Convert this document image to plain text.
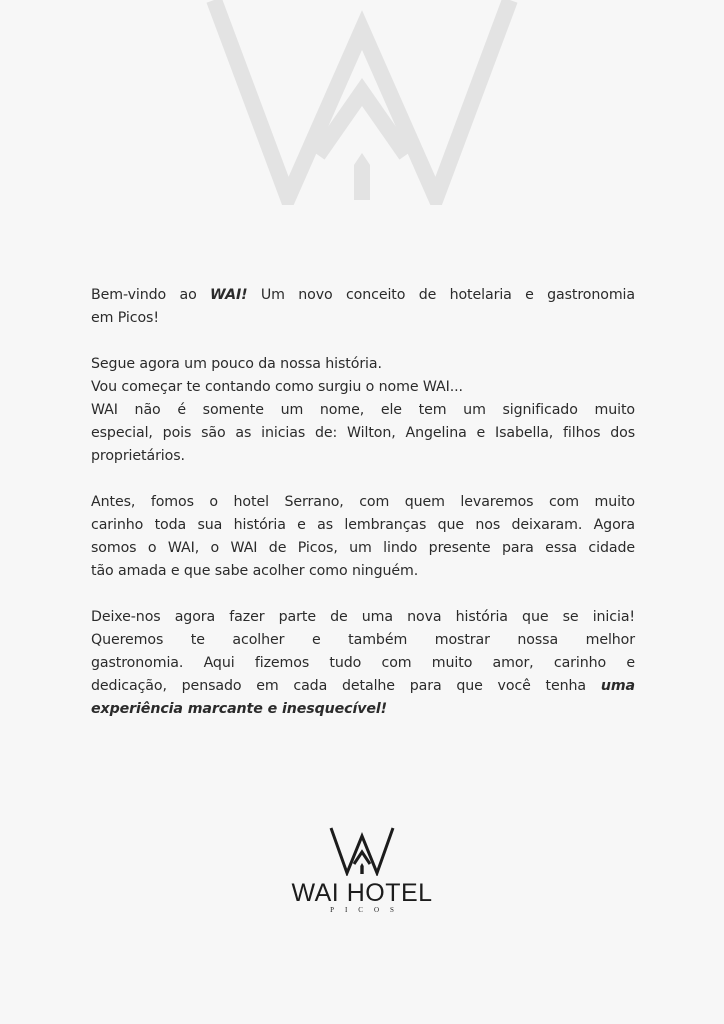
Bem-vindo ao WAI! Um novo conceito de hotelaria e gastronomia
em Picos!

Segue agora um pouco da nossa história.
Vou começar te contando como surgiu o nome WAI...
WAI não é somente um nome, ele tem um significado muito
especial, pois são as inicias de: Wilton, Angelina e Isabella, filhos dos
proprietários.

Antes, fomos o hotel Serrano, com quem levaremos com muito
carinho toda sua história e as lembranças que nos deixaram. Agora
somos o WAI, o WAI de Picos, um lindo presente para essa cidade
tão amada e que sabe acolher como ninguém.

Deixe-nos agora fazer parte de uma nova história que se inicia!
Queremos te acolher e também mostrar nossa melhor
gastronomia. Aqui fizemos tudo com muito amor, carinho e
dedicação, pensado em cada detalhe para que você tenha uma
experiência marcante e inesquecível!

WAI HOTEL
PICOS
